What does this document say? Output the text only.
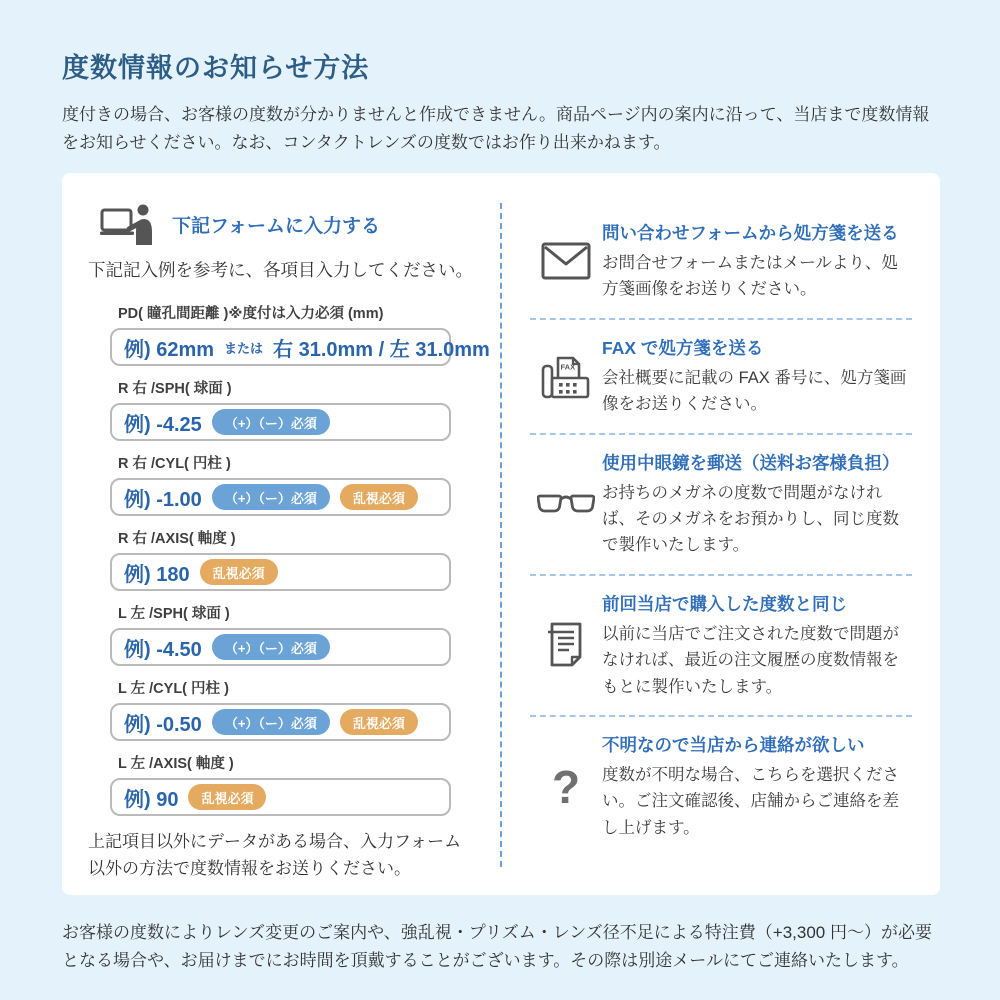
度数情報のお知らせ方法

度付きの場合、お客様の度数が分かりませんと作成できません。商品ページ内の案内に沿って、当店まで度数情報をお知らせください。なお、コンタクトレンズの度数ではお作り出来かねます。

下記フォームに入力する

下記記入例を参考に、各項目入力してください。

PD( 瞳孔間距離 )※度付は入力必須 (mm)
例) 62mm または 右 31.0mm / 左 31.0mm
R 右 /SPH( 球面 )
例) -4.25	（+）（ー）必須
R 右 /CYL( 円柱 )
例) -1.00	（+）（ー）必須	乱視必須
R 右 /AXIS( 軸度 )
例) 180	乱視必須
L 左 /SPH( 球面 )
例) -4.50	（+）（ー）必須
L 左 /CYL( 円柱 )
例) -0.50	（+）（ー）必須	乱視必須
L 左 /AXIS( 軸度 )
例) 90	乱視必須

上記項目以外にデータがある場合、入力フォーム以外の方法で度数情報をお送りください。

問い合わせフォームから処方箋を送る
お問合せフォームまたはメールより、処方箋画像をお送りください。
FAX
FAX で処方箋を送る
会社概要に記載の FAX 番号に、処方箋画像をお送りください。
使用中眼鏡を郵送（送料お客様負担）
お持ちのメガネの度数で問題がなければ、そのメガネをお預かりし、同じ度数で製作いたします。
前回当店で購入した度数と同じ
以前に当店でご注文された度数で問題がなければ、最近の注文履歴の度数情報をもとに製作いたします。
?
不明なので当店から連絡が欲しい
度数が不明な場合、こちらを選択ください。ご注文確認後、店舗からご連絡を差し上げます。

お客様の度数によりレンズ変更のご案内や、強乱視・プリズム・レンズ径不足による特注費（+3,300 円〜）が必要となる場合や、お届けまでにお時間を頂戴することがございます。その際は別途メールにてご連絡いたします。
